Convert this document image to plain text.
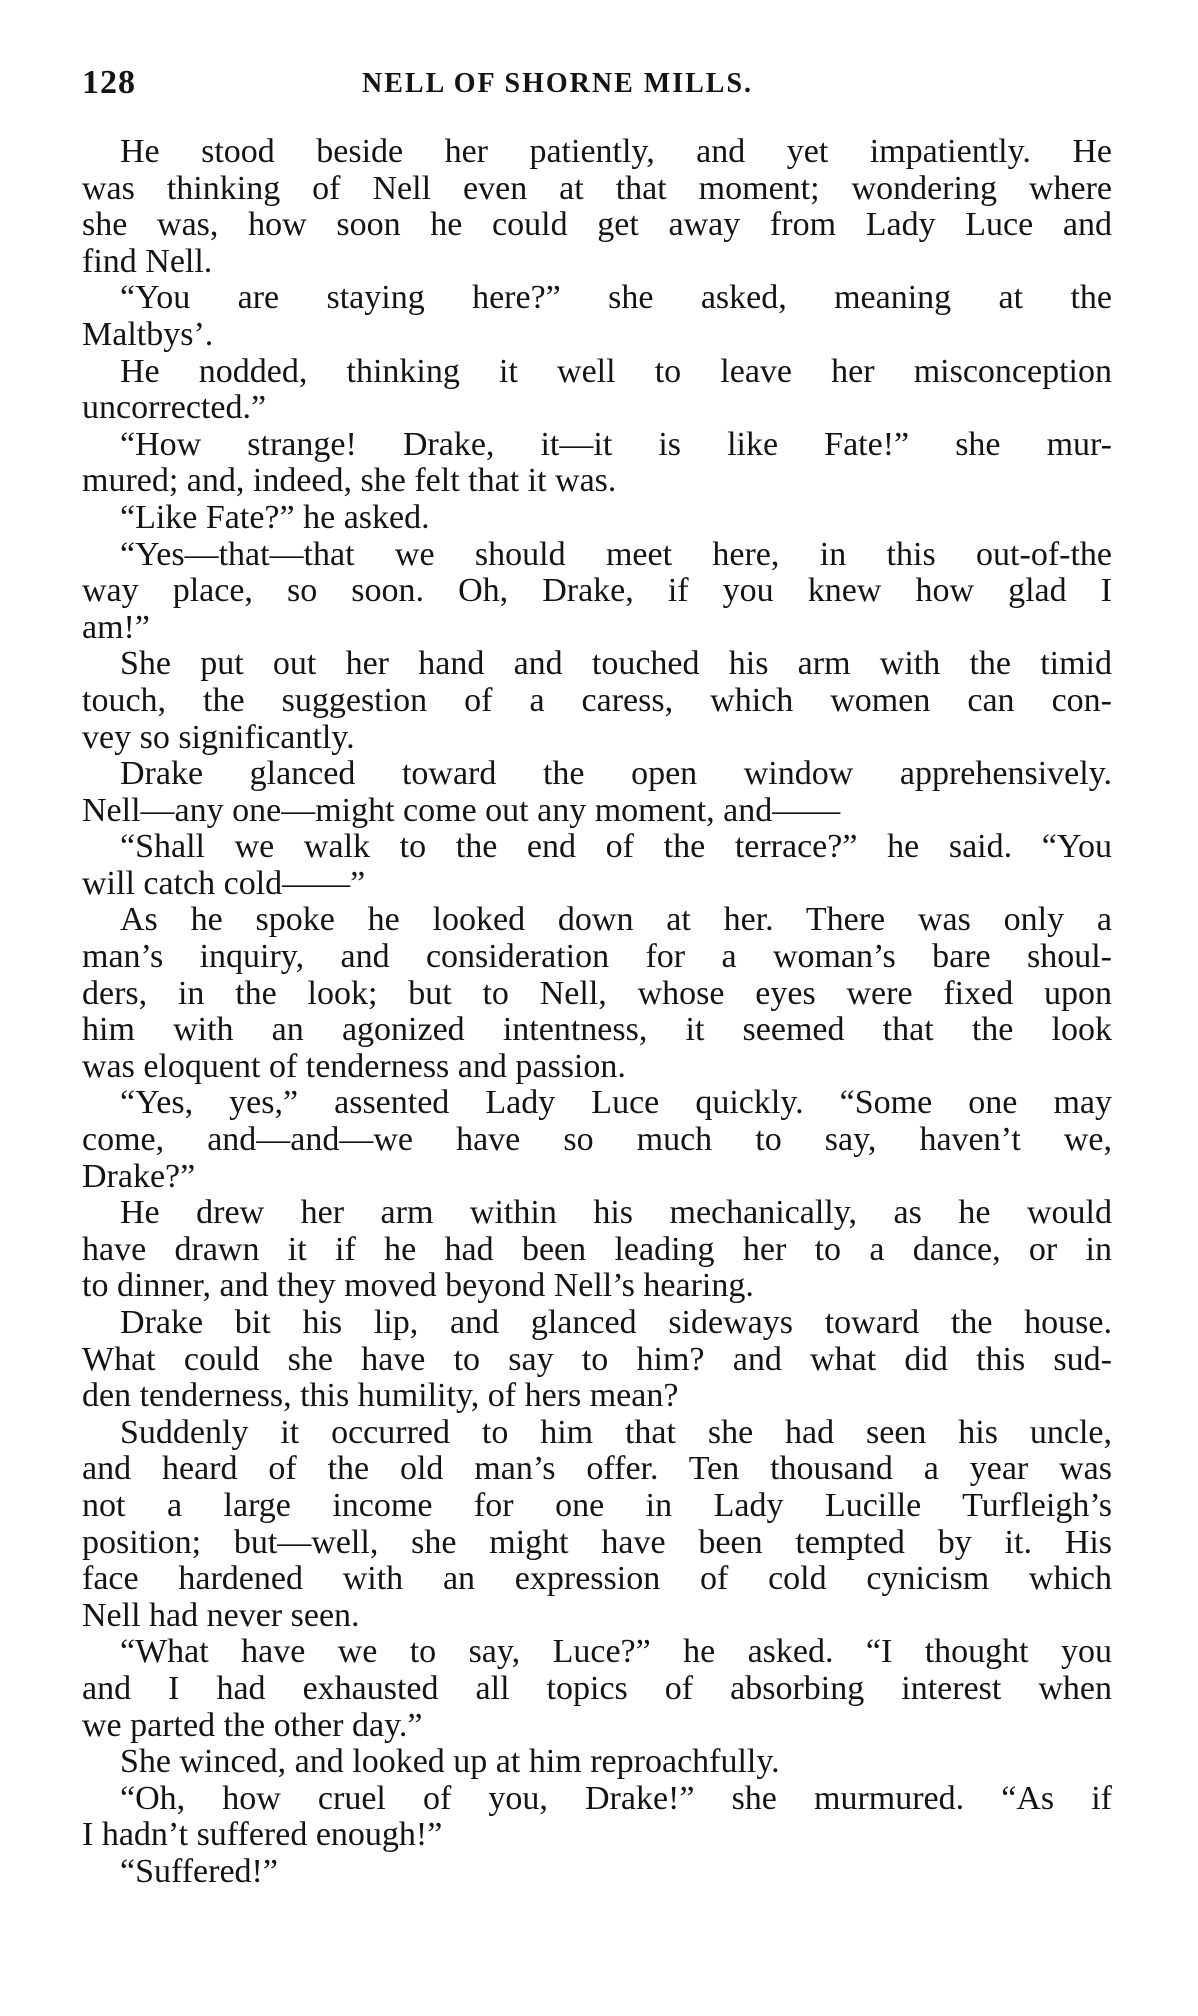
128	NELL OF SHORNE MILLS.
He stood beside her patiently, and yet impatiently. He
was thinking of Nell even at that moment; wondering where
she was, how soon he could get away from Lady Luce and
find Nell.
“You are staying here?” she asked, meaning at the
Maltbys’.
He nodded, thinking it well to leave her misconception
uncorrected.”
“How strange! Drake, it—it is like Fate!” she mur-
mured; and, indeed, she felt that it was.
“Like Fate?” he asked.
“Yes—that—that we should meet here, in this out-of-the
way place, so soon. Oh, Drake, if you knew how glad I
am!”
She put out her hand and touched his arm with the timid
touch, the suggestion of a caress, which women can con-
vey so significantly.
Drake glanced toward the open window apprehensively.
Nell—any one—might come out any moment, and——
“Shall we walk to the end of the terrace?” he said. “You
will catch cold——”
As he spoke he looked down at her. There was only a
man’s inquiry, and consideration for a woman’s bare shoul-
ders, in the look; but to Nell, whose eyes were fixed upon
him with an agonized intentness, it seemed that the look
was eloquent of tenderness and passion.
“Yes, yes,” assented Lady Luce quickly. “Some one may
come, and—and—we have so much to say, haven’t we,
Drake?”
He drew her arm within his mechanically, as he would
have drawn it if he had been leading her to a dance, or in
to dinner, and they moved beyond Nell’s hearing.
Drake bit his lip, and glanced sideways toward the house.
What could she have to say to him? and what did this sud-
den tenderness, this humility, of hers mean?
Suddenly it occurred to him that she had seen his uncle,
and heard of the old man’s offer. Ten thousand a year was
not a large income for one in Lady Lucille Turfleigh’s
position; but—well, she might have been tempted by it. His
face hardened with an expression of cold cynicism which
Nell had never seen.
“What have we to say, Luce?” he asked. “I thought you
and I had exhausted all topics of absorbing interest when
we parted the other day.”
She winced, and looked up at him reproachfully.
“Oh, how cruel of you, Drake!” she murmured. “As if
I hadn’t suffered enough!”
“Suffered!”
